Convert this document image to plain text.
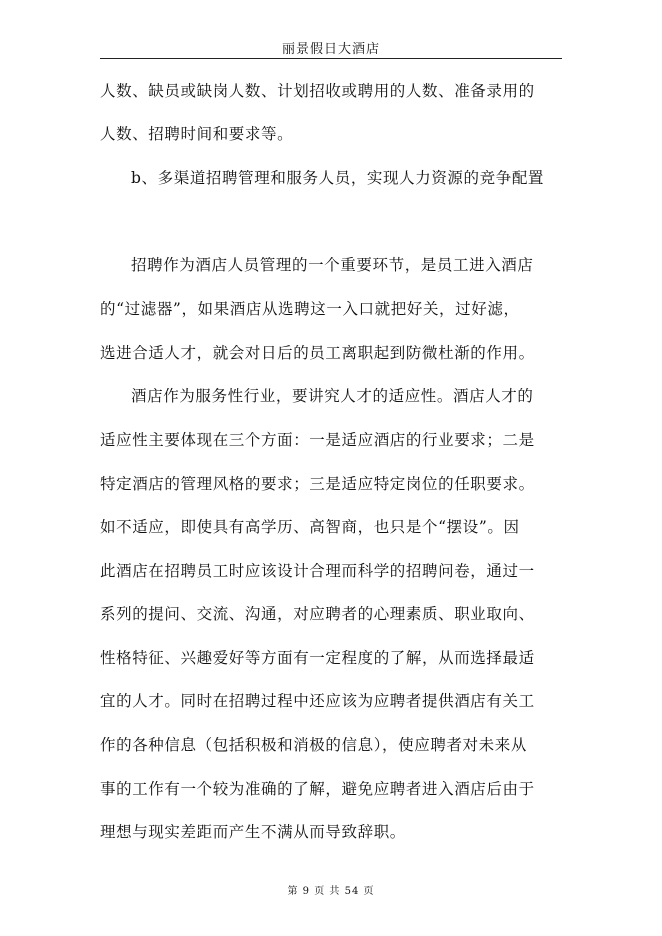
丽景假日大酒店
人数、缺员或缺岗人数、计划招收或聘用的人数、准备录用的
人数、招聘时间和要求等。
b、多渠道招聘管理和服务人员，实现人力资源的竞争配置
招聘作为酒店人员管理的一个重要环节，是员工进入酒店
的“过滤器”，如果酒店从选聘这一入口就把好关，过好滤，
选进合适人才，就会对日后的员工离职起到防微杜渐的作用。
酒店作为服务性行业，要讲究人才的适应性。酒店人才的
适应性主要体现在三个方面：一是适应酒店的行业要求；二是
特定酒店的管理风格的要求；三是适应特定岗位的任职要求。
如不适应，即使具有高学历、高智商，也只是个“摆设”。因
此酒店在招聘员工时应该设计合理而科学的招聘问卷，通过一
系列的提问、交流、沟通，对应聘者的心理素质、职业取向、
性格特征、兴趣爱好等方面有一定程度的了解，从而选择最适
宜的人才。同时在招聘过程中还应该为应聘者提供酒店有关工
作的各种信息（包括积极和消极的信息），使应聘者对未来从
事的工作有一个较为准确的了解，避免应聘者进入酒店后由于
理想与现实差距而产生不满从而导致辞职。
第 9 页 共 54 页
